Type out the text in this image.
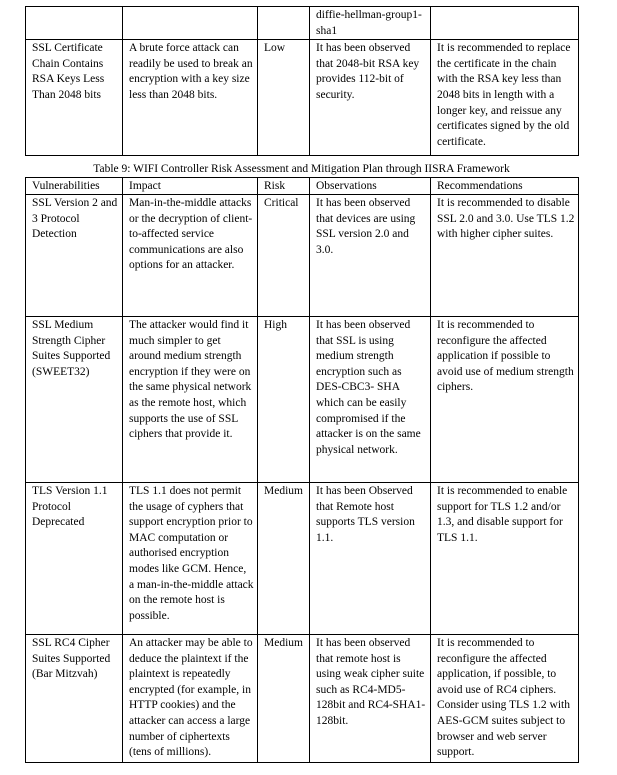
			diffie-hellman-group1-sha1	
SSL Certificate Chain Contains RSA Keys Less Than 2048 bits	A brute force attack can readily be used to break an encryption with a key size less than 2048 bits.	Low	It has been observed that 2048-bit RSA key provides 112-bit of security.	It is recommended to replace the certificate in the chain with the RSA key less than 2048 bits in length with a longer key, and reissue any certificates signed by the old certificate.
Table 9: WIFI Controller Risk Assessment and Mitigation Plan through IISRA Framework
Vulnerabilities	Impact	Risk	Observations	Recommendations
SSL Version 2 and 3 Protocol Detection	Man-in-the-middle attacks or the decryption of client-to-affected service communications are also options for an attacker.	Critical	It has been observed that devices are using SSL version 2.0 and 3.0.	It is recommended to disable SSL 2.0 and 3.0. Use TLS 1.2 with higher cipher suites.
SSL Medium Strength Cipher Suites Supported (SWEET32)	The attacker would find it much simpler to get around medium strength encryption if they were on the same physical network as the remote host, which supports the use of SSL ciphers that provide it.	High	It has been observed that SSL is using medium strength encryption such as DES-CBC3- SHA which can be easily compromised if the attacker is on the same physical network.	It is recommended to reconfigure the affected application if possible to avoid use of medium strength ciphers.
TLS Version 1.1 Protocol Deprecated	TLS 1.1 does not permit the usage of cyphers that support encryption prior to MAC computation or authorised encryption modes like GCM. Hence, a man-in-the-middle attack on the remote host is possible.	Medium	It has been Observed that Remote host supports TLS version 1.1.	It is recommended to enable support for TLS 1.2 and/or 1.3, and disable support for TLS 1.1.
SSL RC4 Cipher Suites Supported (Bar Mitzvah)	An attacker may be able to deduce the plaintext if the plaintext is repeatedly encrypted (for example, in HTTP cookies) and the attacker can access a large number of ciphertexts (tens of millions).	Medium	It has been observed that remote host is using weak cipher suite such as RC4-MD5-128bit and RC4-SHA1-128bit.	It is recommended to reconfigure the affected application, if possible, to avoid use of RC4 ciphers. Consider using TLS 1.2 with AES-GCM suites subject to browser and web server support.
